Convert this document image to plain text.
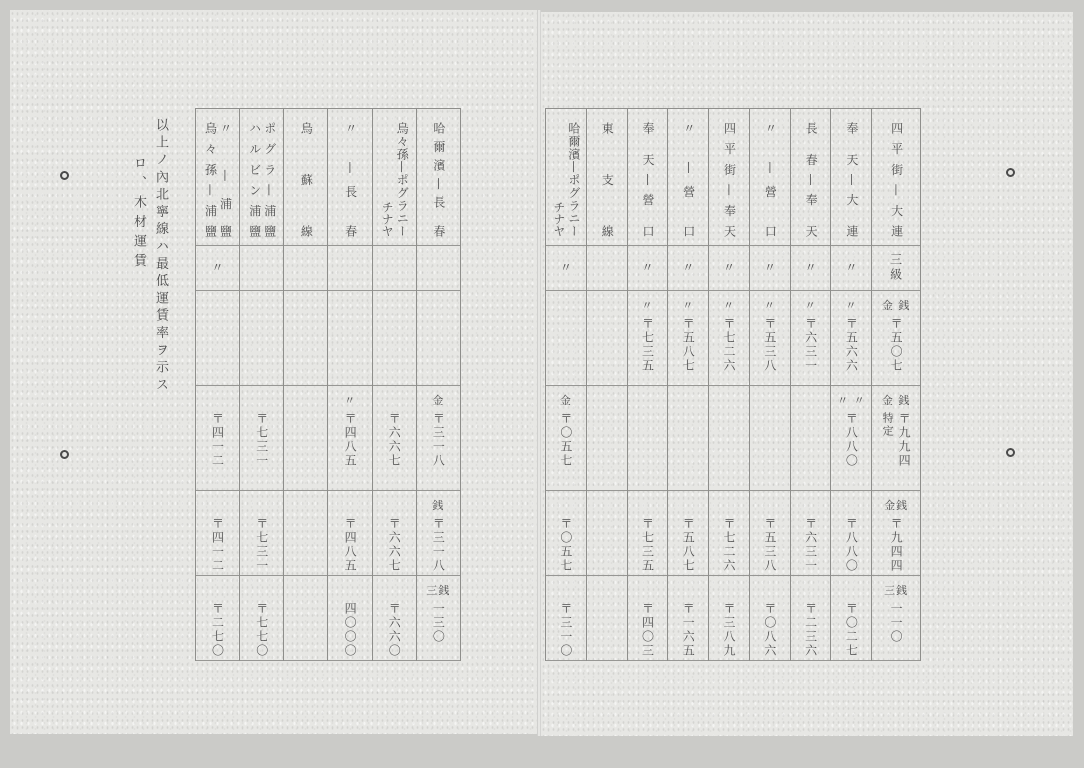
以上ノ內北寧線ハ最低運賃率ヲ示ス
ロ、木材運賃	哈爾濱—長 春
金
〒三一八
銭
〒三一八
三銭
一三〇
烏々孫—ポグラニー
チナヤ
〒六六七
〒六六七
〒六六〇
〃 —長 春
〃
〒四八五
〒四八五
四〇〇〇
烏 蘇 線
ポグラ—浦鹽
ハルビン浦鹽
〒七三一
〒七三一
〒七七〇
〃 —浦鹽
烏々孫—浦鹽
〃
〒四一二
〒四一二
〒二七〇
四平街—大連
三級
金 銭
〒五〇七
金 銭
〒九九四
特定
金銭
〒九四四
三銭
一一〇
奉 天—大 連
〃
〃
〒五六六
〃 〃
〒八八〇
〒八八〇
〒〇二七
長 春—奉 天
〃
〃
〒六三一
〒六三一
〒二三六
〃 —營 口
〃
〃
〒五三八
〒五三八
〒〇八六
四平街—奉天
〃
〃
〒七二六
〒七二六
〒三八九
〃 —營 口
〃
〃
〒五八七
〒五八七
〒一六五
奉 天—營 口
〃
〃
〒七三五
〒七三五
〒四〇三
東 支 線
哈爾濱—ポグラニー
チナヤ
〃
金
〒〇五七
〒〇五七
〒三一〇
